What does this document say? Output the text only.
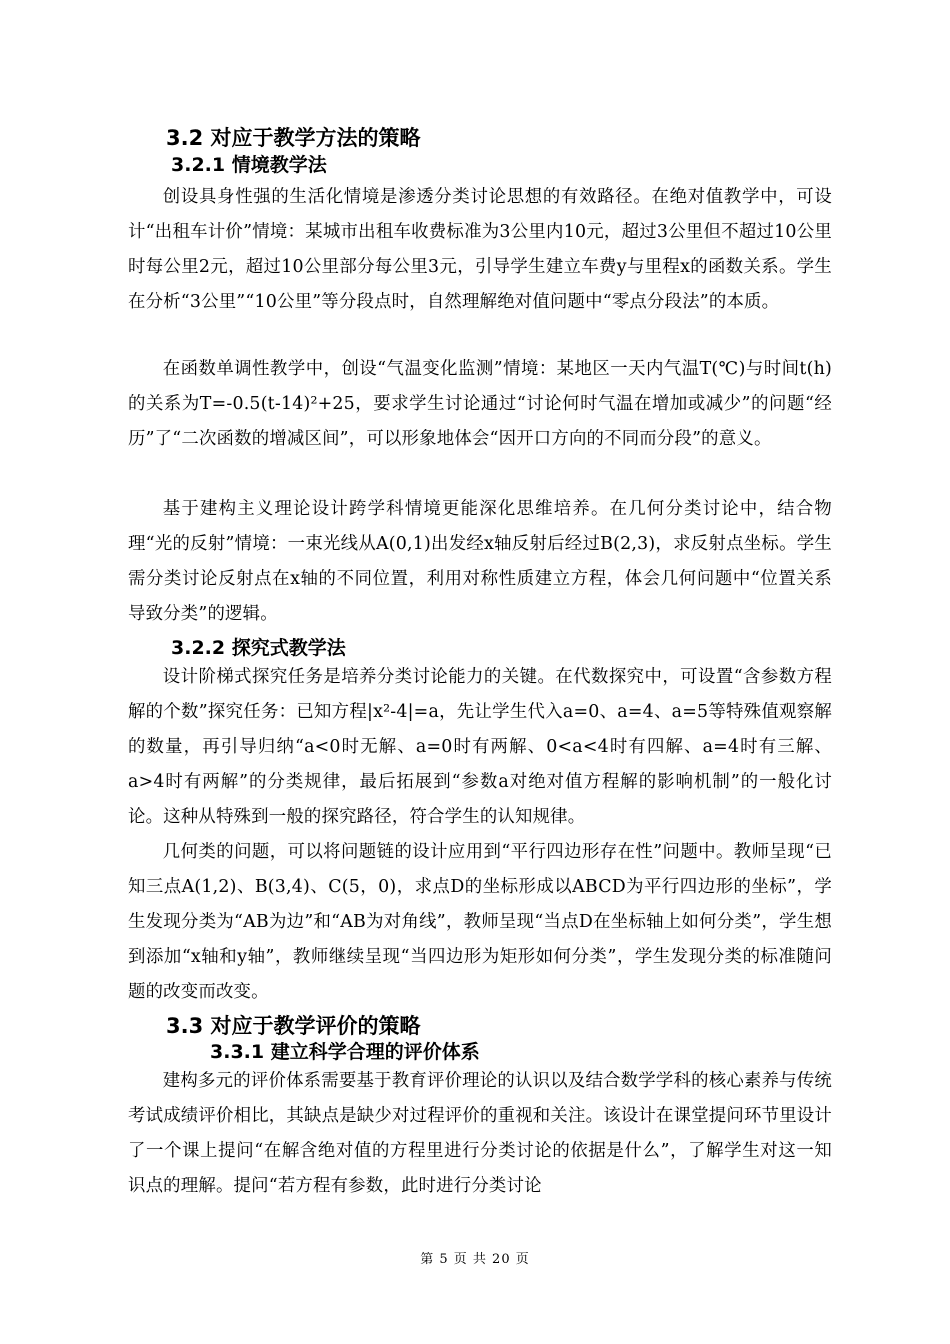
3.2 对应于教学方法的策略
3.2.1 情境教学法

创设具身性强的生活化情境是渗透分类讨论思想的有效路径。在绝对值教学中，可设计“出租车计价”情境：某城市出租车收费标准为3公里内10元，超过3公里但不超过10公里时每公里2元，超过10公里部分每公里3元，引导学生建立车费y与里程x的函数关系。学生在分析“3公里”“10公里”等分段点时，自然理解绝对值问题中“零点分段法”的本质。

在函数单调性教学中，创设“气温变化监测”情境：某地区一天内气温T(℃)与时间t(h)的关系为T=-0.5(t-14)²+25，要求学生讨论通过“讨论何时气温在增加或减少”的问题“经历”了“二次函数的增减区间”，可以形象地体会“因开口方向的不同而分段”的意义。

基于建构主义理论设计跨学科情境更能深化思维培养。在几何分类讨论中，结合物理“光的反射”情境：一束光线从A(0,1)出发经x轴反射后经过B(2,3)，求反射点坐标。学生需分类讨论反射点在x轴的不同位置，利用对称性质建立方程，体会几何问题中“位置关系导致分类”的逻辑。

3.2.2 探究式教学法

设计阶梯式探究任务是培养分类讨论能力的关键。在代数探究中，可设置“含参数方程解的个数”探究任务：已知方程|x²-4|=a，先让学生代入a=0、a=4、a=5等特殊值观察解的数量，再引导归纳“a<0时无解、a=0时有两解、0<a<4时有四解、a=4时有三解、a>4时有两解”的分类规律，最后拓展到“参数a对绝对值方程解的影响机制”的一般化讨论。这种从特殊到一般的探究路径，符合学生的认知规律。

几何类的问题，可以将问题链的设计应用到“平行四边形存在性”问题中。教师呈现“已知三点A(1,2)、B(3,4)、C(5，0)，求点D的坐标形成以ABCD为平行四边形的坐标”，学生发现分类为“AB为边”和“AB为对角线”，教师呈现“当点D在坐标轴上如何分类”，学生想到添加“x轴和y轴”，教师继续呈现“当四边形为矩形如何分类”，学生发现分类的标准随问题的改变而改变。

3.3 对应于教学评价的策略
3.3.1 建立科学合理的评价体系

建构多元的评价体系需要基于教育评价理论的认识以及结合数学学科的核心素养与传统考试成绩评价相比，其缺点是缺少对过程评价的重视和关注。该设计在课堂提问环节里设计了一个课上提问“在解含绝对值的方程里进行分类讨论的依据是什么”，了解学生对这一知识点的理解。提问“若方程有参数，此时进行分类讨论

第 5 页 共 20 页
